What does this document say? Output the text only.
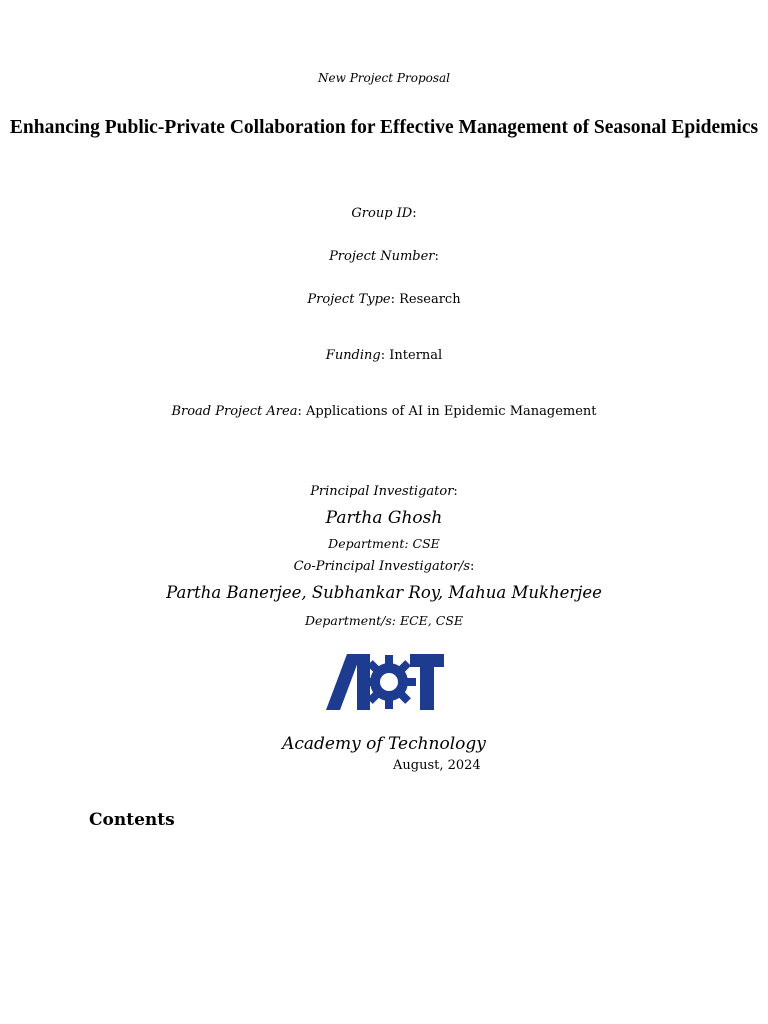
New Project Proposal
Enhancing Public-Private Collaboration for Effective Management of Seasonal Epidemics
Group ID:
Project Number:
Project Type: Research
Funding: Internal
Broad Project Area: Applications of AI in Epidemic Management
Principal Investigator:
Partha Ghosh
Department: CSE
Co-Principal Investigator/s:
Partha Banerjee, Subhankar Roy, Mahua Mukherjee
Department/s: ECE, CSE
Academy of Technology
August, 2024
Contents
